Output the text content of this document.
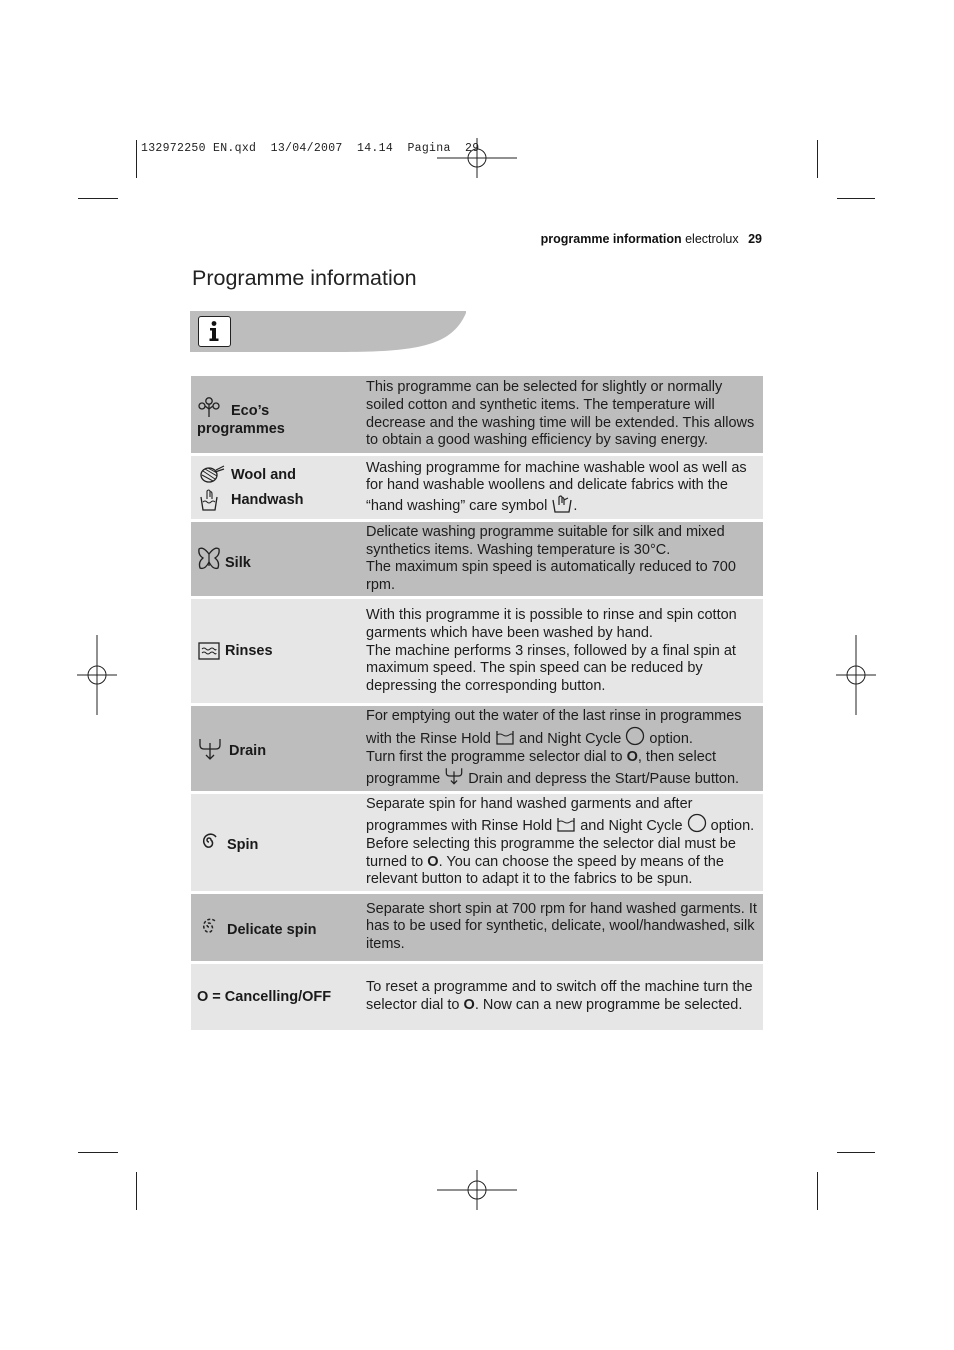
132972250 EN.qxd  13/04/2007  14.14  Pagina  29
programme information electrolux 29
Programme information
Eco’s
programmes	This programme can be selected for slightly or normally soiled cotton and synthetic items. The temperature will decrease and the washing time will be extended. This allows to obtain a good washing efficiency by saving energy.

Wool and
Handwash	Washing programme for machine washable wool as well as for hand washable woollens and delicate fabrics with the “hand washing” care symbol .

Silk	Delicate washing programme suitable for silk and mixed synthetics items. Washing temperature is 30°C.
The maximum spin speed is automatically reduced to 700 rpm.

Rinses	With this programme it is possible to rinse and spin cotton garments which have been washed by hand.
The machine performs 3 rinses, followed by a final spin at maximum speed. The spin speed can be reduced by depressing the corresponding button.

Drain	For emptying out the water of the last rinse in programmes with the Rinse Hold and Night Cycle option.
Turn first the programme selector dial to O, then select programme Drain and depress the Start/Pause button.

Spin	Separate spin for hand washed garments and after programmes with Rinse Hold and Night Cycle option. Before selecting this programme the selector dial must be turned to O. You can choose the speed by means of the relevant button to adapt it to the fabrics to be spun.

Delicate spin	Separate short spin at 700 rpm for hand washed garments. It has to be used for synthetic, delicate, wool/handwashed, silk items.
O = Cancelling/OFF	To reset a programme and to switch off the machine turn the selector dial to O. Now can a new programme be selected.
